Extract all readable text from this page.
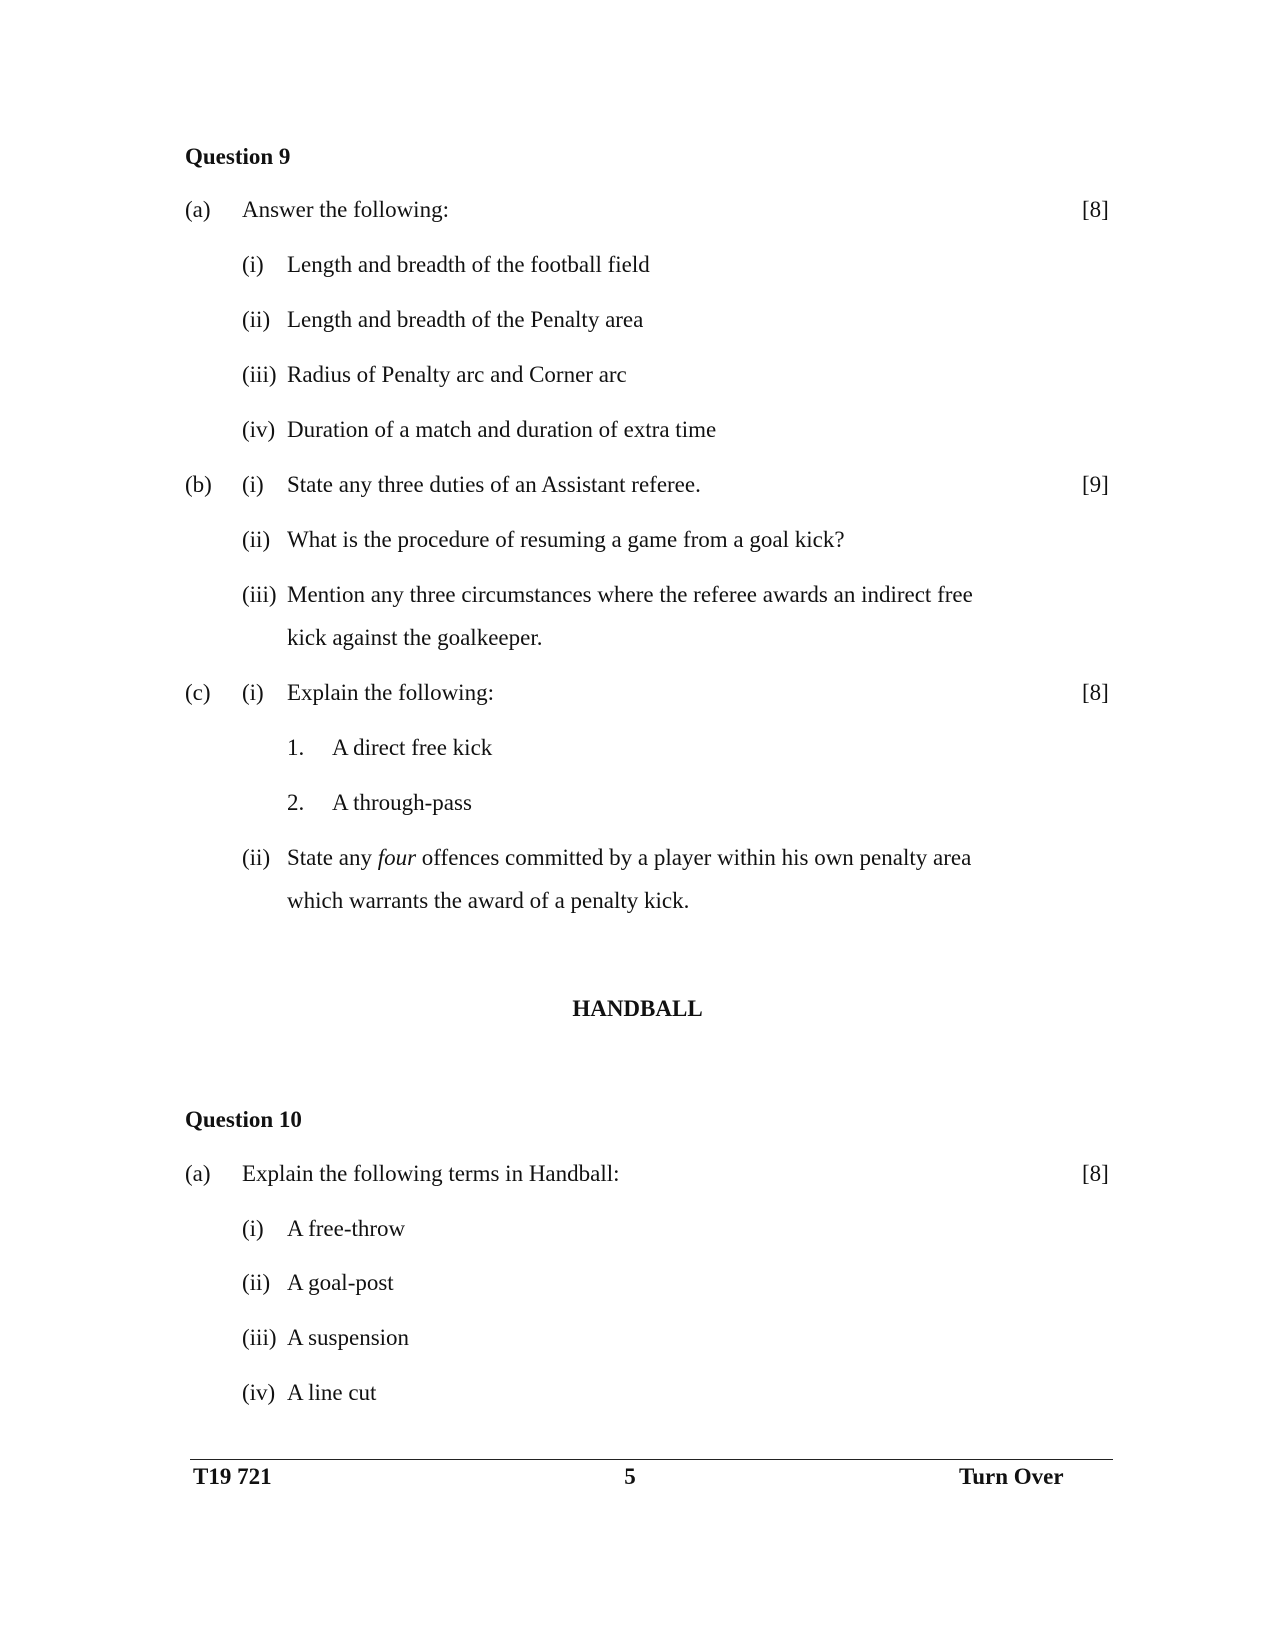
Question 9
(a) Answer the following:	[8]
(i) Length and breadth of the football field
(ii) Length and breadth of the Penalty area
(iii) Radius of Penalty arc and Corner arc
(iv) Duration of a match and duration of extra time
(b) (i) State any three duties of an Assistant referee.	[9]
(ii) What is the procedure of resuming a game from a goal kick?
(iii) Mention any three circumstances where the referee awards an indirect free
kick against the goalkeeper.
(c) (i) Explain the following:	[8]
1. A direct free kick
2. A through-pass
(ii) State any four offences committed by a player within his own penalty area
which warrants the award of a penalty kick.
HANDBALL
Question 10
(a) Explain the following terms in Handball:	[8]
(i) A free-throw
(ii) A goal-post
(iii) A suspension
(iv) A line cut
T19 721	5	Turn Over
